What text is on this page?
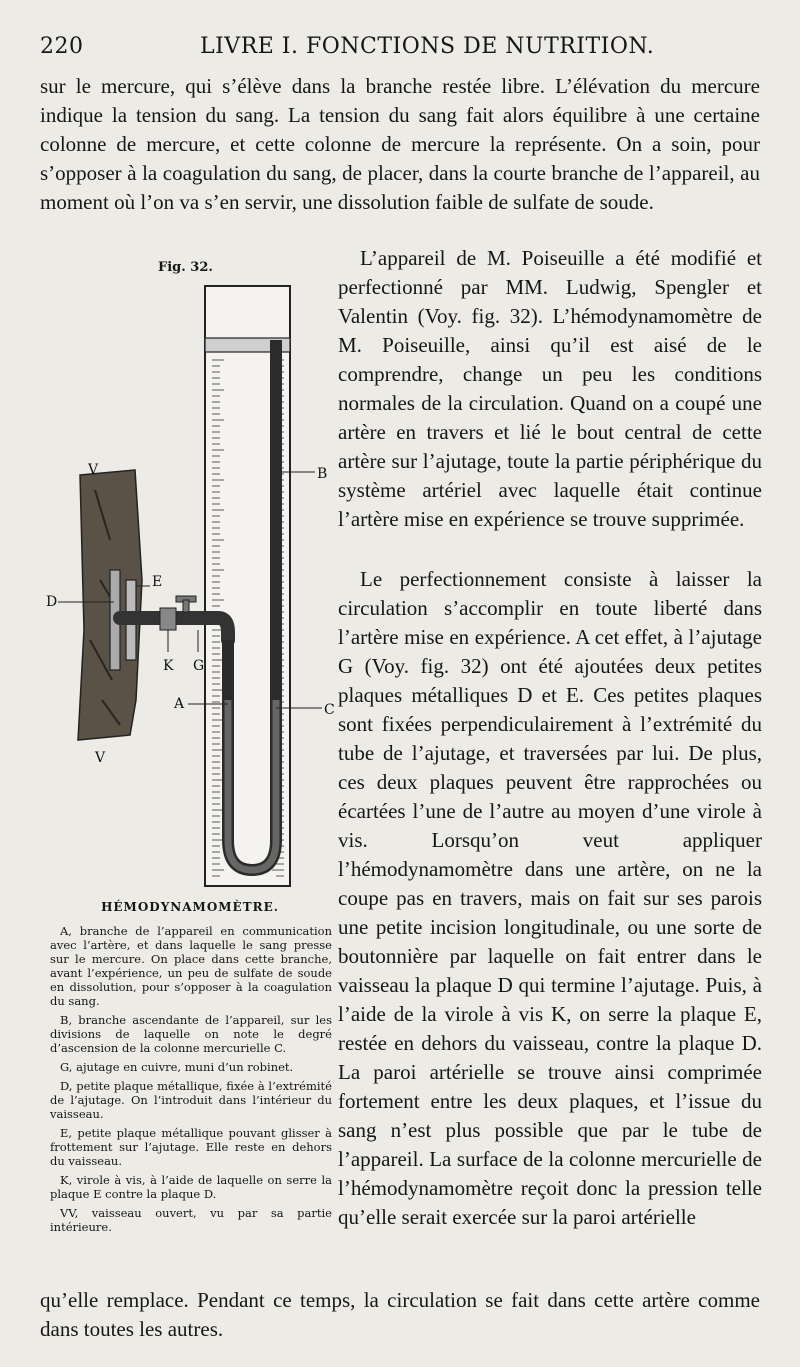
220	LIVRE I. FONCTIONS DE NUTRITION.

sur le mercure, qui s’élève dans la branche restée libre. L’élévation du mercure indique la tension du sang. La tension du sang fait alors équilibre à une certaine colonne de mercure, et cette colonne de mercure la représente. On a soin, pour s’opposer à la coagulation du sang, de placer, dans la courte branche de l’appareil, au moment où l’on va s’en servir, une dissolution faible de sulfate de soude.

Fig. 32.
V
V
B
C
A
D
E
K G
HÉMODYNAMOMÈTRE.

A, branche de l’appareil en communication avec l’artère, et dans laquelle le sang presse sur le mercure. On place dans cette branche, avant l’expérience, un peu de sulfate de soude en dissolution, pour s’opposer à la coagulation du sang.

B, branche ascendante de l’appareil, sur les divisions de laquelle on note le degré d’ascension de la colonne mercurielle C.

G, ajutage en cuivre, muni d’un robinet.

D, petite plaque métallique, fixée à l’extrémité de l’ajutage. On l’introduit dans l’intérieur du vaisseau.

E, petite plaque métallique pouvant glisser à frottement sur l’ajutage. Elle reste en dehors du vaisseau.

K, virole à vis, à l’aide de laquelle on serre la plaque E contre la plaque D.

VV, vaisseau ouvert, vu par sa partie intérieure.

L’appareil de M. Poiseuille a été modifié et perfectionné par MM. Ludwig, Spengler et Valentin (Voy. fig. 32). L’hémodynamomètre de M. Poiseuille, ainsi qu’il est aisé de le comprendre, change un peu les conditions normales de la circulation. Quand on a coupé une artère en travers et lié le bout central de cette artère sur l’ajutage, toute la partie périphérique du système artériel avec laquelle était continue l’artère mise en expérience se trouve supprimée.

Le perfectionnement consiste à laisser la circulation s’accomplir en toute liberté dans l’artère mise en expérience. A cet effet, à l’ajutage G (Voy. fig. 32) ont été ajoutées deux petites plaques métalliques D et E. Ces petites plaques sont fixées perpendiculairement à l’extrémité du tube de l’ajutage, et traversées par lui. De plus, ces deux plaques peuvent être rapprochées ou écartées l’une de l’autre au moyen d’une virole à vis. Lorsqu’on veut appliquer l’hémodynamomètre dans une artère, on ne la coupe pas en travers, mais on fait sur ses parois une petite incision longitudinale, ou une sorte de boutonnière par laquelle on fait entrer dans le vaisseau la plaque D qui termine l’ajutage. Puis, à l’aide de la virole à vis K, on serre la plaque E, restée en dehors du vaisseau, contre la plaque D. La paroi artérielle se trouve ainsi comprimée fortement entre les deux plaques, et l’issue du sang n’est plus possible que par le tube de l’appareil. La surface de la colonne mercurielle de l’hémodynamomètre reçoit donc la pression telle qu’elle serait exercée sur la paroi artérielle

qu’elle remplace. Pendant ce temps, la circulation se fait dans cette artère comme dans toutes les autres.
